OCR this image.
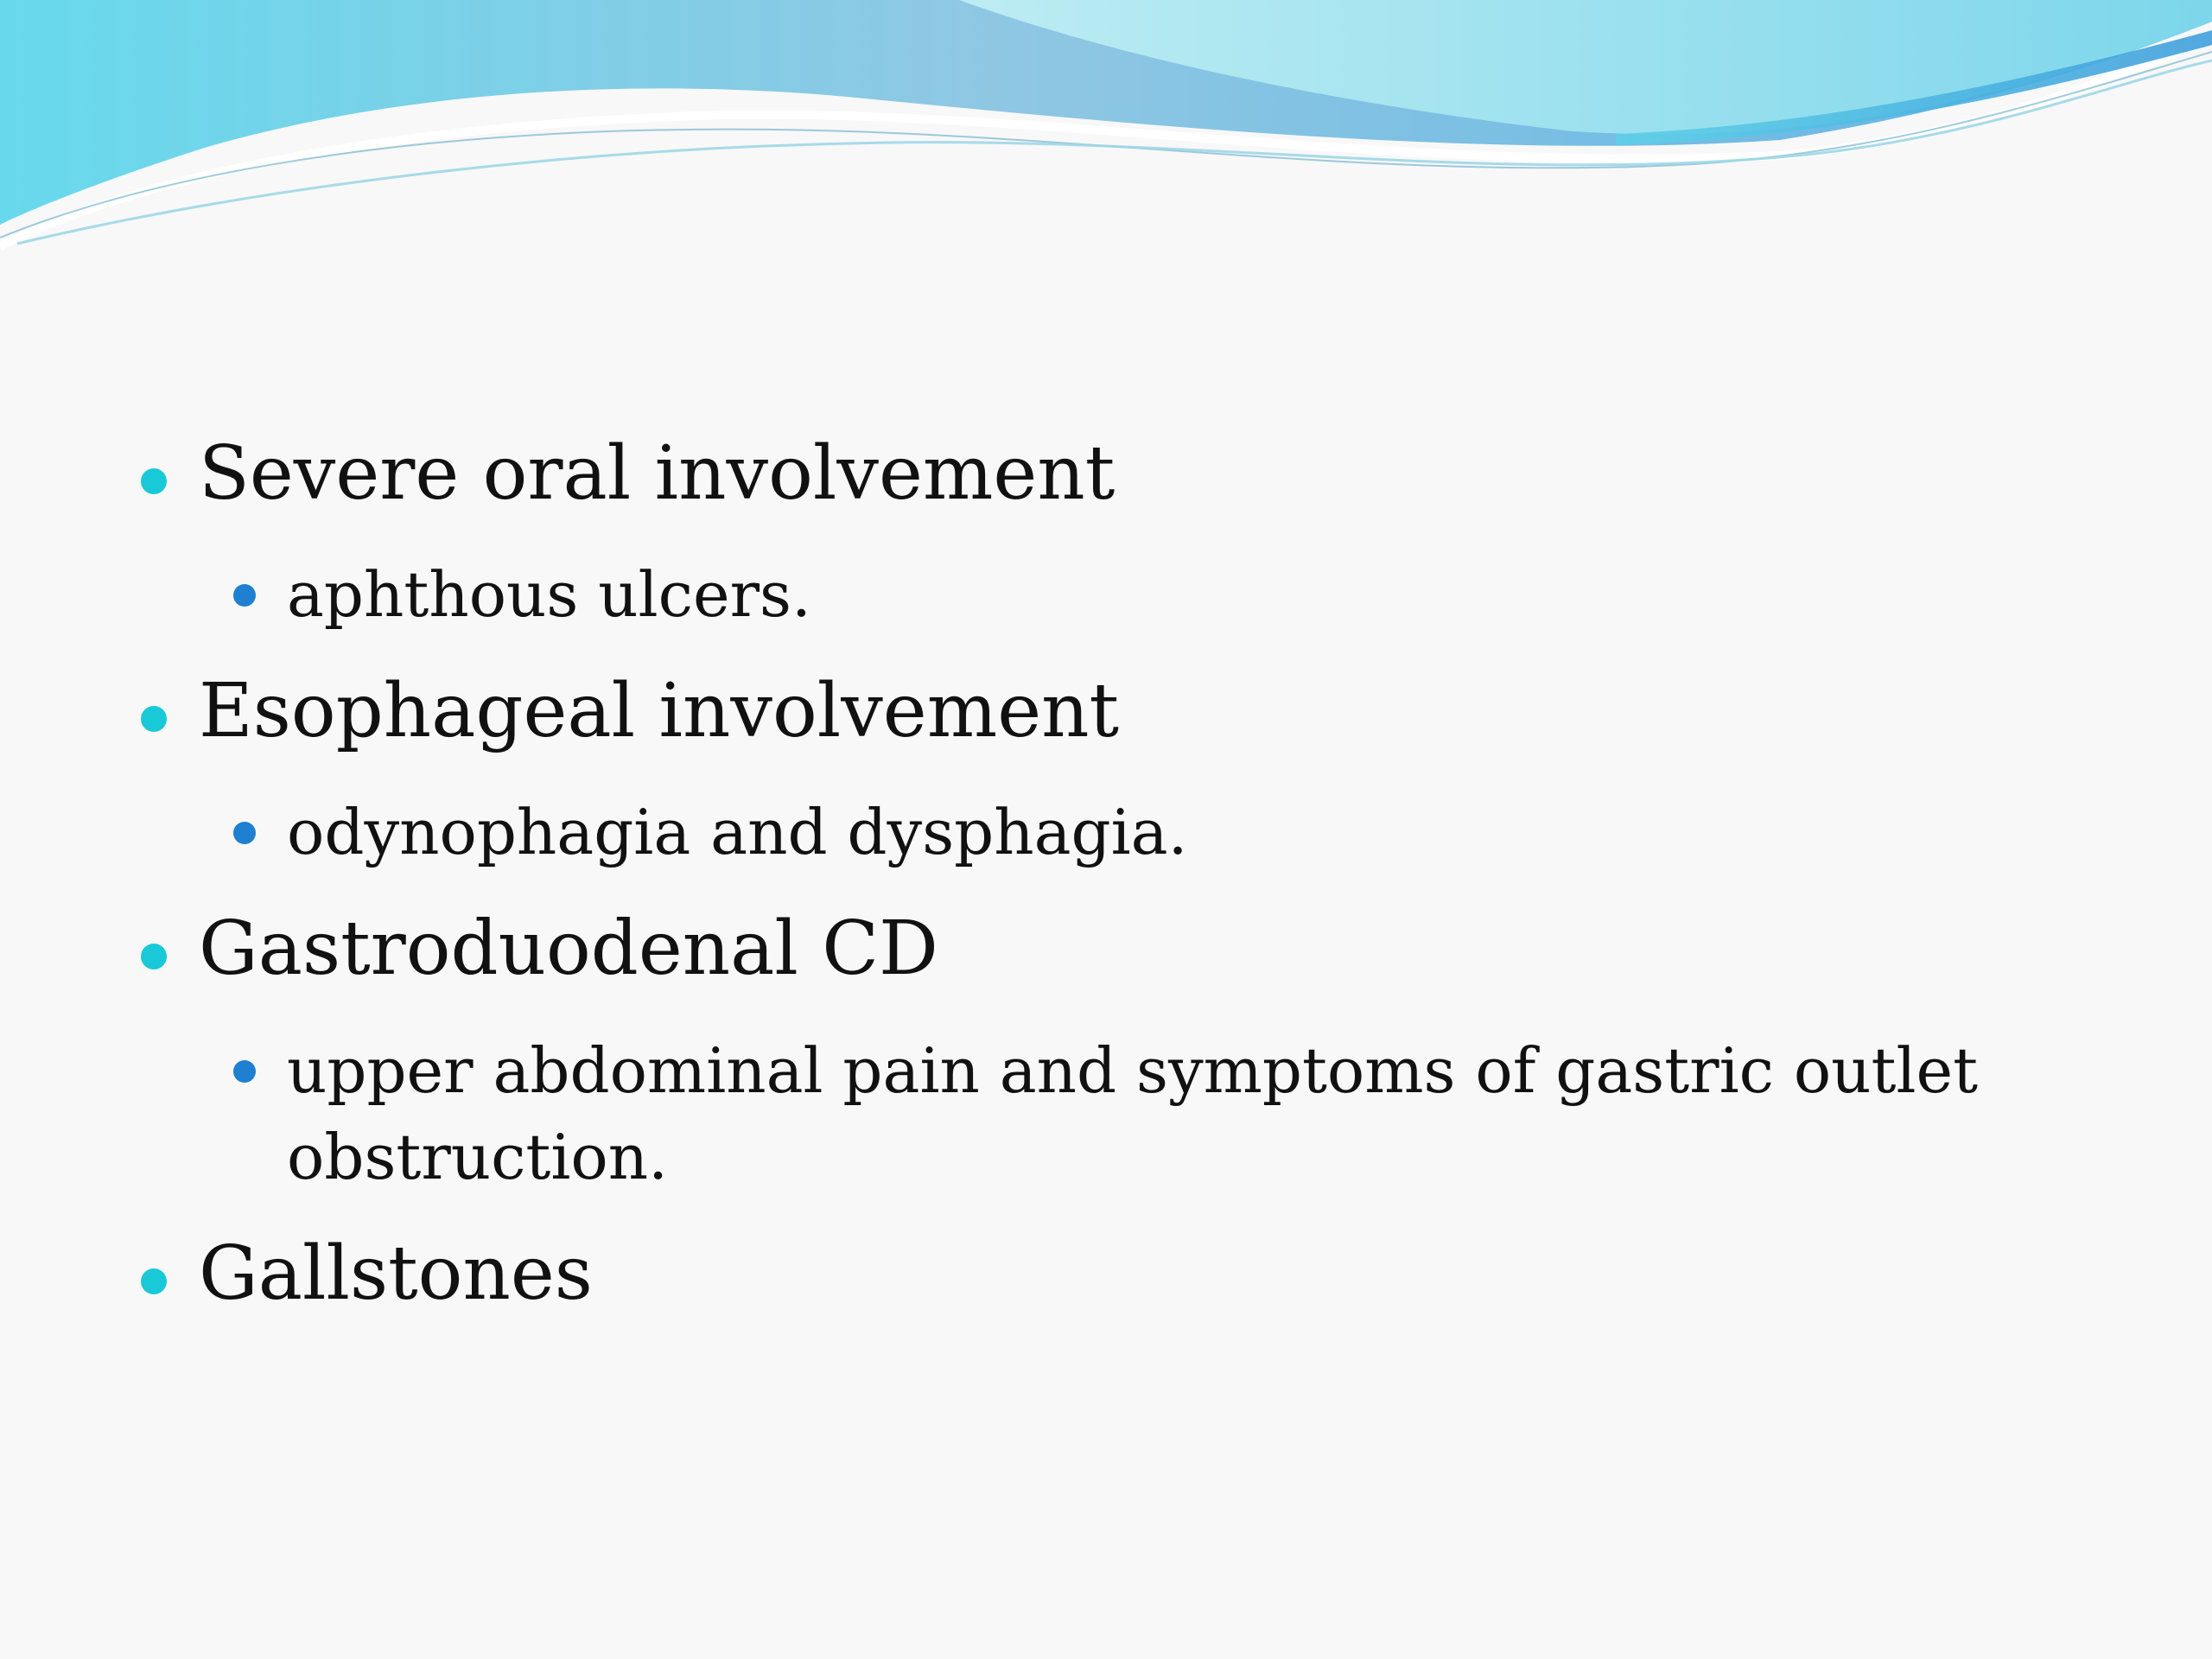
Severe oral involvement
aphthous ulcers.
Esophageal involvement
odynophagia and dysphagia.
Gastroduodenal CD
upper abdominal pain and symptoms of gastric outlet obstruction.
Gallstones
